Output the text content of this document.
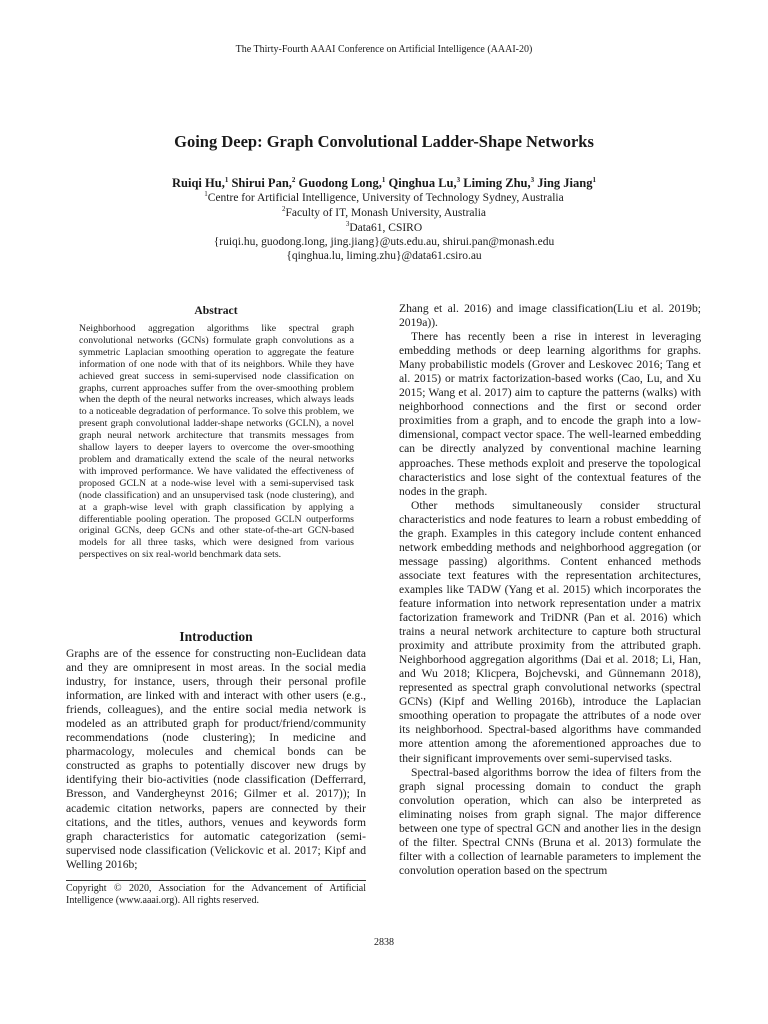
The Thirty-Fourth AAAI Conference on Artificial Intelligence (AAAI-20)
Going Deep: Graph Convolutional Ladder-Shape Networks
Ruiqi Hu,$^1$ Shirui Pan,$^2$ Guodong Long,$^1$ Qinghua Lu,$^3$ Liming Zhu,$^3$ Jing Jiang$^1$
$^1$Centre for Artificial Intelligence, University of Technology Sydney, Australia
$^2$Faculty of IT, Monash University, Australia
$^3$Data61, CSIRO
{ruiqi.hu, guodong.long, jing.jiang}@uts.edu.au, shirui.pan@monash.edu
{qinghua.lu, liming.zhu}@data61.csiro.au
Abstract
Neighborhood aggregation algorithms like spectral graph convolutional networks (GCNs) formulate graph convolutions as a symmetric Laplacian smoothing operation to aggregate the feature information of one node with that of its neighbors. While they have achieved great success in semi-supervised node classification on graphs, current approaches suffer from the over-smoothing problem when the depth of the neural networks increases, which always leads to a noticeable degradation of performance. To solve this problem, we present graph convolutional ladder-shape networks (GCLN), a novel graph neural network architecture that transmits messages from shallow layers to deeper layers to overcome the over-smoothing problem and dramatically extend the scale of the neural networks with improved performance. We have validated the effectiveness of proposed GCLN at a node-wise level with a semi-supervised task (node classification) and an unsupervised task (node clustering), and at a graph-wise level with graph classification by applying a differentiable pooling operation. The proposed GCLN outperforms original GCNs, deep GCNs and other state-of-the-art GCN-based models for all three tasks, which were designed from various perspectives on six real-world benchmark data sets.
Introduction

Graphs are of the essence for constructing non-Euclidean data and they are omnipresent in most areas. In the social media industry, for instance, users, through their personal profile information, are linked with and interact with other users (e.g., friends, colleagues), and the entire social media network is modeled as an attributed graph for product/friend/community recommendations (node clustering); In medicine and pharmacology, molecules and chemical bonds can be constructed as graphs to potentially discover new drugs by identifying their bio-activities (node classification (Defferrard, Bresson, and Vandergheynst 2016; Gilmer et al. 2017)); In academic citation networks, papers are connected by their citations, and the titles, authors, venues and keywords form graph characteristics for automatic categorization (semi-supervised node classification (Velickovic et al. 2017; Kipf and Welling 2016b;

Zhang et al. 2016) and image classification(Liu et al. 2019b; 2019a)).

There has recently been a rise in interest in leveraging embedding methods or deep learning algorithms for graphs. Many probabilistic models (Grover and Leskovec 2016; Tang et al. 2015) or matrix factorization-based works (Cao, Lu, and Xu 2015; Wang et al. 2017) aim to capture the patterns (walks) with neighborhood connections and the first or second order proximities from a graph, and to encode the graph into a low-dimensional, compact vector space. The well-learned embedding can be directly analyzed by conventional machine learning approaches. These methods exploit and preserve the topological characteristics and lose sight of the contextual features of the nodes in the graph.

Other methods simultaneously consider structural characteristics and node features to learn a robust embedding of the graph. Examples in this category include content enhanced network embedding methods and neighborhood aggregation (or message passing) algorithms. Content enhanced methods associate text features with the representation architectures, examples like TADW (Yang et al. 2015) which incorporates the feature information into network representation under a matrix factorization framework and TriDNR (Pan et al. 2016) which trains a neural network architecture to capture both structural proximity and attribute proximity from the attributed graph. Neighborhood aggregation algorithms (Dai et al. 2018; Li, Han, and Wu 2018; Klicpera, Bojchevski, and Günnemann 2018), represented as spectral graph convolutional networks (spectral GCNs) (Kipf and Welling 2016b), introduce the Laplacian smoothing operation to propagate the attributes of a node over its neighborhood. Spectral-based algorithms have commanded more attention among the aforementioned approaches due to their significant improvements over semi-supervised tasks.

Spectral-based algorithms borrow the idea of filters from the graph signal processing domain to conduct the graph convolution operation, which can also be interpreted as eliminating noises from graph signal. The major difference between one type of spectral GCN and another lies in the design of the filter. Spectral CNNs (Bruna et al. 2013) formulate the filter with a collection of learnable parameters to implement the convolution operation based on the spectrum

Copyright © 2020, Association for the Advancement of Artificial Intelligence (www.aaai.org). All rights reserved.
2838
